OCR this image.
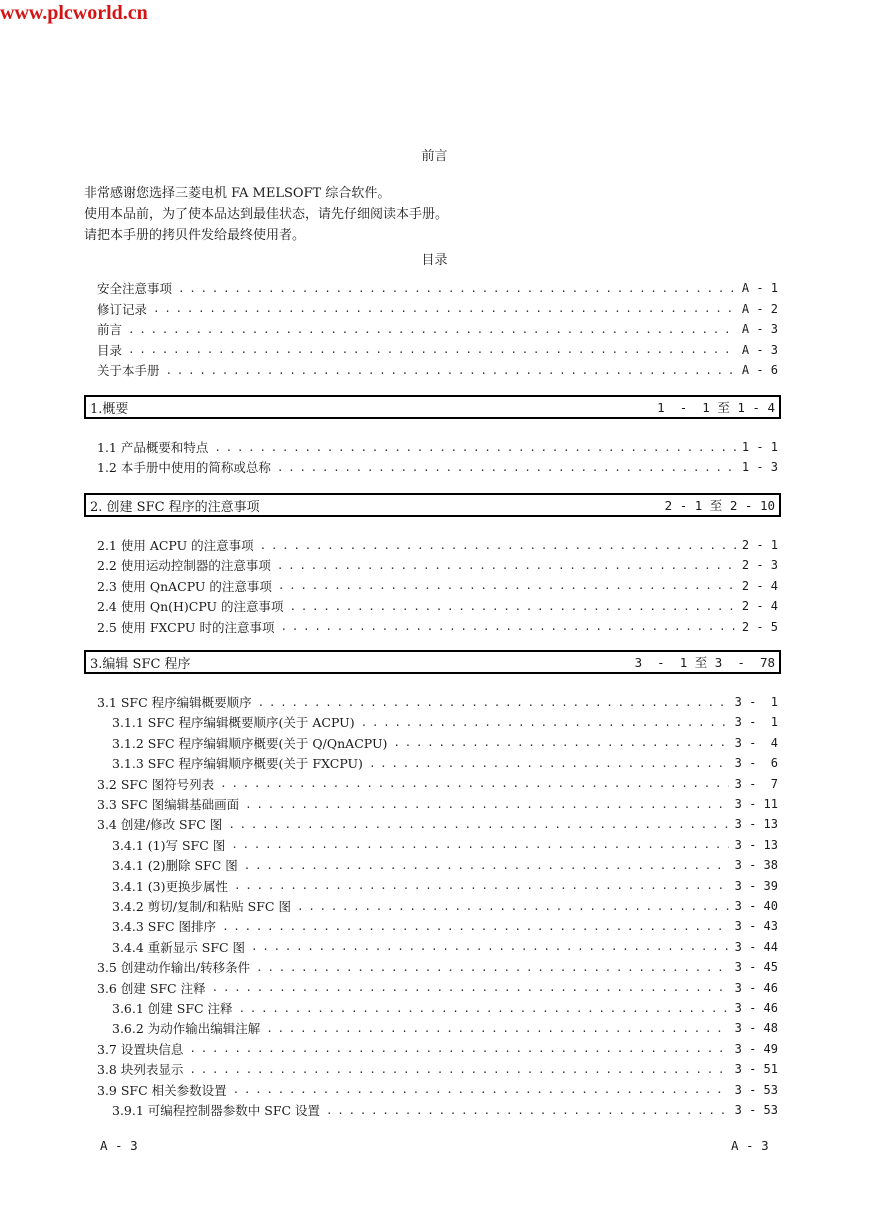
www.plcworld.cn
前言
非常感谢您选择三菱电机 FA MELSOFT 综合软件。
使用本品前，为了使本品达到最佳状态，请先仔细阅读本手册。
请把本手册的拷贝件发给最终使用者。
目录
安全注意事项 . . .	A - 1
修订记录 . . .	A - 2
前言 . . .	A - 3
目录 . . .	A - 3
关于本手册 . . .	A - 6
1.概要	1  -  1 至 1 - 4
1.1 产品概要和特点 . . .	1 - 1
1.2 本手册中使用的简称或总称 . . .	1 - 3
2. 创建 SFC 程序的注意事项	2 - 1 至 2 - 10
2.1 使用 ACPU 的注意事项 . . .	2 - 1
2.2 使用运动控制器的注意事项 . . .	2 - 3
2.3 使用 QnACPU 的注意事项 . . .	2 - 4
2.4 使用 Qn(H)CPU 的注意事项 . . .	2 - 4
2.5 使用 FXCPU 时的注意事项 . . .	2 - 5
3.编辑 SFC 程序	3  -  1 至 3  -  78
3.1 SFC 程序编辑概要顺序 . . .	3 -  1
3.1.1 SFC 程序编辑概要顺序(关于 ACPU) . . .	3 -  1
3.1.2 SFC 程序编辑顺序概要(关于 Q/QnACPU) . . .	3 -  4
3.1.3 SFC 程序编辑顺序概要(关于 FXCPU) . . .	3 -  6
3.2 SFC 图符号列表 . . .	3 -  7
3.3 SFC 图编辑基础画面 . . .	3 - 11
3.4 创建/修改 SFC 图 . . .	3 - 13
3.4.1 (1)写 SFC 图 . . .	3 - 13
3.4.1 (2)删除 SFC 图 . . .	3 - 38
3.4.1 (3)更换步属性 . . .	3 - 39
3.4.2 剪切/复制/和粘贴 SFC 图 . . .	3 - 40
3.4.3 SFC 图排序 . . .	3 - 43
3.4.4 重新显示 SFC 图 . . .	3 - 44
3.5 创建动作输出/转移条件 . . .	3 - 45
3.6 创建 SFC 注释 . . .	3 - 46
3.6.1 创建 SFC 注释 . . .	3 - 46
3.6.2 为动作输出编辑注解 . . .	3 - 48
3.7 设置块信息 . . .	3 - 49
3.8 块列表显示 . . .	3 - 51
3.9 SFC 相关参数设置 . . .	3 - 53
3.9.1 可编程控制器参数中 SFC 设置 . . .	3 - 53
A - 3	A - 3
